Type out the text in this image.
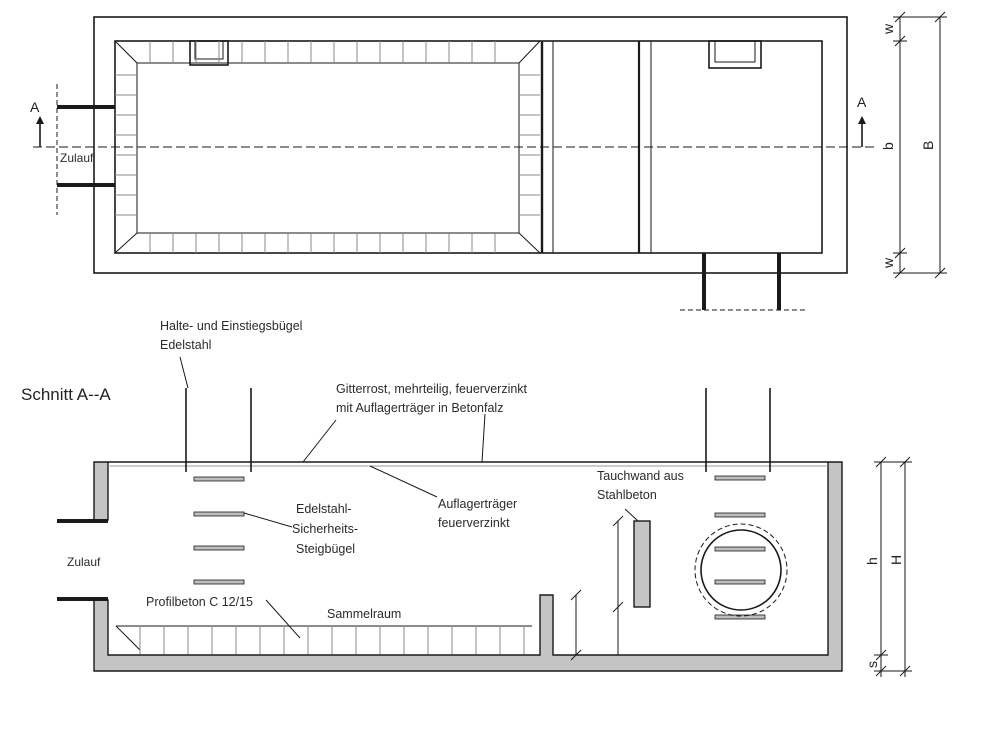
A	A
Zulauf
w
b
w
B
Schnitt A--A
h H
s
Halte- und Einstiegsbügel
Edelstahl
Gitterrost, mehrteilig, feuerverzinkt
mit Auflagerträger in Betonfalz
Auflagerträger
feuerverzinkt
Edelstahl-
Sicherheits-
Steigbügel
Tauchwand aus
Stahlbeton
Zulauf
Profilbeton C 12/15
Sammelraum
